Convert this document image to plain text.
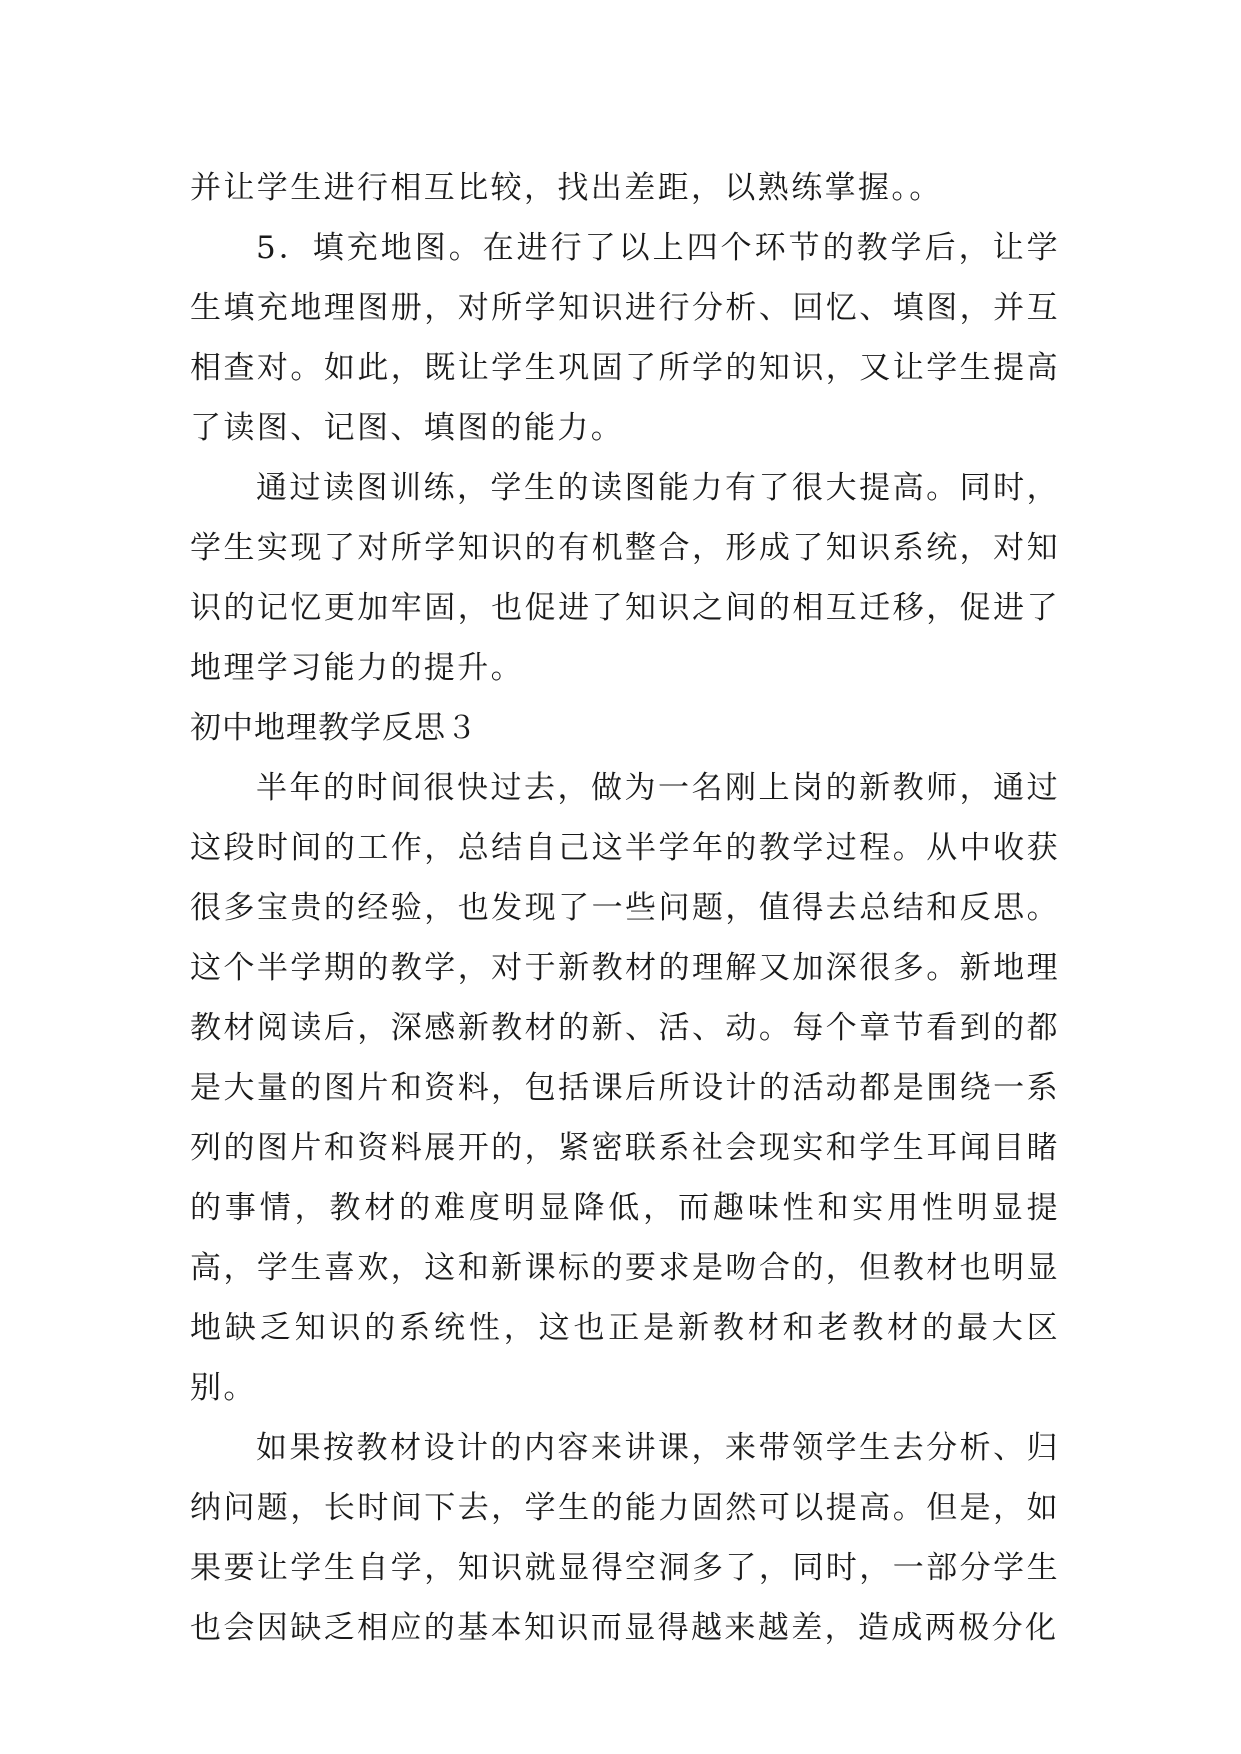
并让学生进行相互比较，找出差距，以熟练掌握。。

5．填充地图。在进行了以上四个环节的教学后，让学生填充地理图册，对所学知识进行分析、回忆、填图，并互相查对。如此，既让学生巩固了所学的知识，又让学生提高了读图、记图、填图的能力。

通过读图训练，学生的读图能力有了很大提高。同时，学生实现了对所学知识的有机整合，形成了知识系统，对知识的记忆更加牢固，也促进了知识之间的相互迁移，促进了地理学习能力的提升。

初中地理教学反思３

半年的时间很快过去，做为一名刚上岗的新教师，通过这段时间的工作，总结自己这半学年的教学过程。从中收获很多宝贵的经验，也发现了一些问题，值得去总结和反思。这个半学期的教学，对于新教材的理解又加深很多。新地理教材阅读后，深感新教材的新、活、动。每个章节看到的都是大量的图片和资料，包括课后所设计的活动都是围绕一系列的图片和资料展开的，紧密联系社会现实和学生耳闻目睹的事情，教材的难度明显降低，而趣味性和实用性明显提高，学生喜欢，这和新课标的要求是吻合的，但教材也明显地缺乏知识的系统性，这也正是新教材和老教材的最大区别。

如果按教材设计的内容来讲课，来带领学生去分析、归纳问题，长时间下去，学生的能力固然可以提高。但是，如果要让学生自学，知识就显得空洞多了，同时，一部分学生也会因缺乏相应的基本知识而显得越来越差，造成两极分化
